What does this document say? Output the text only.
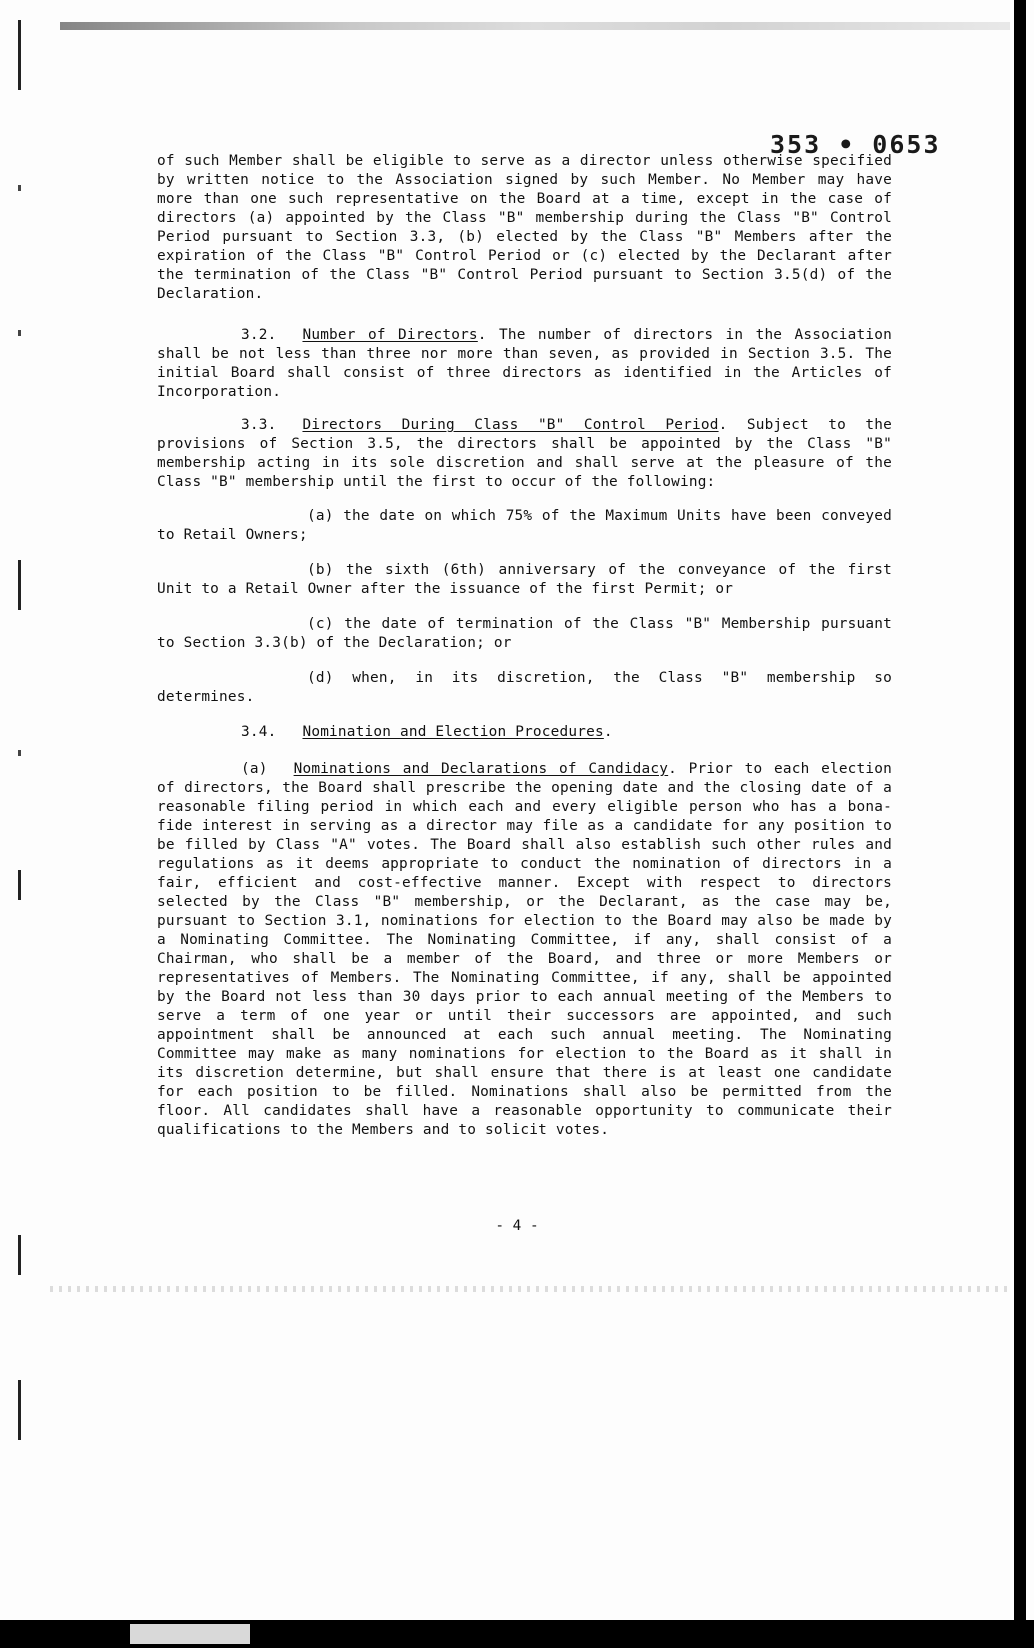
353 • 0653

of such Member shall be eligible to serve as a director unless otherwise specified by written notice to the Association signed by such Member. No Member may have more than one such representative on the Board at a time, except in the case of directors (a) appointed by the Class "B" membership during the Class "B" Control Period pursuant to Section 3.3, (b) elected by the Class "B" Members after the expiration of the Class "B" Control Period or (c) elected by the Declarant after the termination of the Class "B" Control Period pursuant to Section 3.5(d) of the Declaration.

3.2. Number of Directors. The number of directors in the Association shall be not less than three nor more than seven, as provided in Section 3.5. The initial Board shall consist of three directors as identified in the Articles of Incorporation.

3.3. Directors During Class "B" Control Period. Subject to the provisions of Section 3.5, the directors shall be appointed by the Class "B" membership acting in its sole discretion and shall serve at the pleasure of the Class "B" membership until the first to occur of the following:

(a) the date on which 75% of the Maximum Units have been conveyed to Retail Owners;

(b) the sixth (6th) anniversary of the conveyance of the first Unit to a Retail Owner after the issuance of the first Permit; or

(c) the date of termination of the Class "B" Membership pursuant to Section 3.3(b) of the Declaration; or

(d) when, in its discretion, the Class "B" membership so determines.

3.4. Nomination and Election Procedures.

(a) Nominations and Declarations of Candidacy. Prior to each election of directors, the Board shall prescribe the opening date and the closing date of a reasonable filing period in which each and every eligible person who has a bona-fide interest in serving as a director may file as a candidate for any position to be filled by Class "A" votes. The Board shall also establish such other rules and regulations as it deems appropriate to conduct the nomination of directors in a fair, efficient and cost-effective manner. Except with respect to directors selected by the Class "B" membership, or the Declarant, as the case may be, pursuant to Section 3.1, nominations for election to the Board may also be made by a Nominating Committee. The Nominating Committee, if any, shall consist of a Chairman, who shall be a member of the Board, and three or more Members or representatives of Members. The Nominating Committee, if any, shall be appointed by the Board not less than 30 days prior to each annual meeting of the Members to serve a term of one year or until their successors are appointed, and such appointment shall be announced at each such annual meeting. The Nominating Committee may make as many nominations for election to the Board as it shall in its discretion determine, but shall ensure that there is at least one candidate for each position to be filled. Nominations shall also be permitted from the floor. All candidates shall have a reasonable opportunity to communicate their qualifications to the Members and to solicit votes.

- 4 -
